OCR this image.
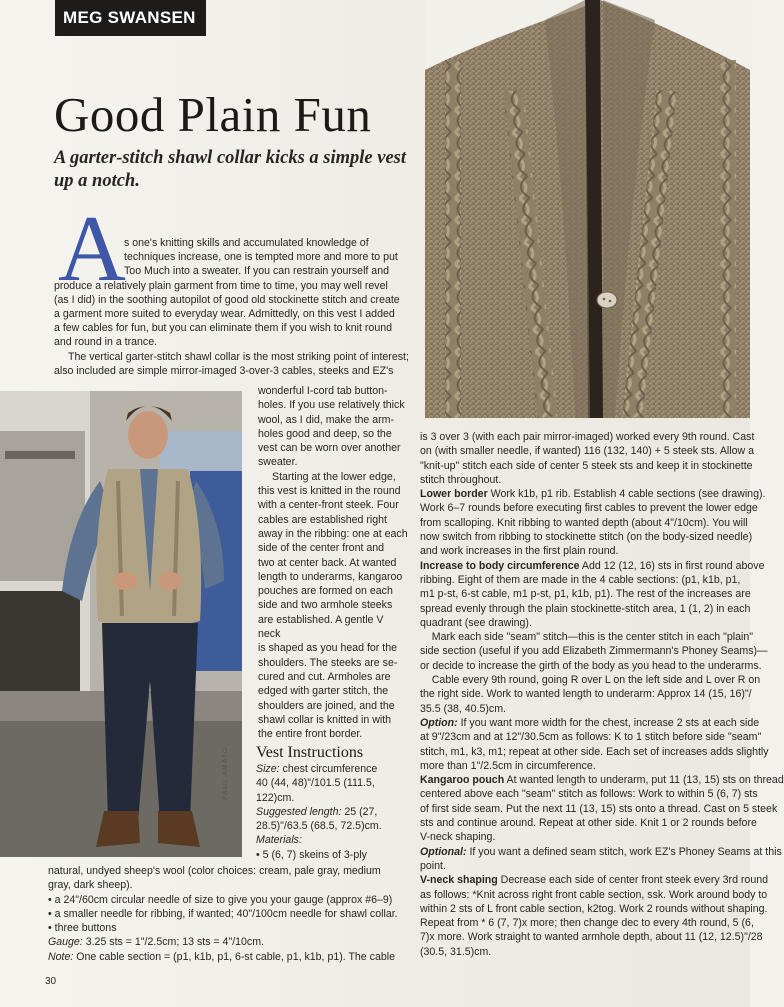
MEG SWANSEN
Good Plain Fun
A garter-stitch shawl collar kicks a simple vest up a notch.
A
s one's knitting skills and accumulated knowledge of
techniques increase, one is tempted more and more to put
Too Much into a sweater. If you can restrain yourself and
produce a relatively plain garment from time to time, you may well revel
(as I did) in the soothing autopilot of good old stockinette stitch and create
a garment more suited to everyday wear. Admittedly, on this vest I added
a few cables for fun, but you can eliminate them if you wish to knit round
and round in a trance.
The vertical garter-stitch shawl collar is the most striking point of interest;
also included are simple mirror-imaged 3-over-3 cables, steeks and EZ's
PAUL AMATO
wonderful I-cord tab button-
holes. If you use relatively thick
wool, as I did, make the arm-
holes good and deep, so the
vest can be worn over another
sweater.
Starting at the lower edge,
this vest is knitted in the round
with a center-front steek. Four
cables are established right
away in the ribbing: one at each
side of the center front and
two at center back. At wanted
length to underarms, kangaroo
pouches are formed on each
side and two armhole steeks
are established. A gentle V neck
is shaped as you head for the
shoulders. The steeks are se-
cured and cut. Armholes are
edged with garter stitch, the
shoulders are joined, and the
shawl collar is knitted in with
the entire front border.
Vest Instructions
Size: chest circumference
40 (44, 48)"/101.5 (111.5,
122)cm.
Suggested length: 25 (27,
28.5)"/63.5 (68.5, 72.5)cm.
Materials:
• 5 (6, 7) skeins of 3-ply
natural, undyed sheep's wool (color choices: cream, pale gray, medium
gray, dark sheep).
• a 24"/60cm circular needle of size to give you your gauge (approx #6–9)
• a smaller needle for ribbing, if wanted; 40"/100cm needle for shawl collar.
• three buttons
Gauge: 3.25 sts = 1"/2.5cm; 13 sts = 4"/10cm.
Note: One cable section = (p1, k1b, p1, 6-st cable, p1, k1b, p1). The cable

is 3 over 3 (with each pair mirror-imaged) worked every 9th round. Cast

on (with smaller needle, if wanted) 116 (132, 140) + 5 steek sts. Allow a

"knit-up" stitch each side of center 5 steek sts and keep it in stockinette

stitch throughout.

Lower border Work k1b, p1 rib. Establish 4 cable sections (see drawing).

Work 6–7 rounds before executing first cables to prevent the lower edge

from scalloping. Knit ribbing to wanted depth (about 4"/10cm). You will

now switch from ribbing to stockinette stitch (on the body-sized needle)

and work increases in the first plain round.

Increase to body circumference Add 12 (12, 16) sts in first round above

ribbing. Eight of them are made in the 4 cable sections: (p1, k1b, p1,

m1 p-st, 6-st cable, m1 p-st, p1, k1b, p1). The rest of the increases are

spread evenly through the plain stockinette-stitch area, 1 (1, 2) in each

quadrant (see drawing).

Mark each side "seam" stitch—this is the center stitch in each "plain"

side section (useful if you add Elizabeth Zimmermann's Phoney Seams)—

or decide to increase the girth of the body as you head to the underarms.

Cable every 9th round, going R over L on the left side and L over R on

the right side. Work to wanted length to underarm: Approx 14 (15, 16)"/

35.5 (38, 40.5)cm.

Option: If you want more width for the chest, increase 2 sts at each side

at 9"/23cm and at 12"/30.5cm as follows: K to 1 stitch before side "seam"

stitch, m1, k3, m1; repeat at other side. Each set of increases adds slightly

more than 1"/2.5cm in circumference.

Kangaroo pouch At wanted length to underarm, put 11 (13, 15) sts on thread

centered above each "seam" stitch as follows: Work to within 5 (6, 7) sts

of first side seam. Put the next 11 (13, 15) sts onto a thread. Cast on 5 steek

sts and continue around. Repeat at other side. Knit 1 or 2 rounds before

V-neck shaping.

Optional: If you want a defined seam stitch, work EZ's Phoney Seams at this

point.

V-neck shaping Decrease each side of center front steek every 3rd round

as follows: *Knit across right front cable section, ssk. Work around body to

within 2 sts of L front cable section, k2tog. Work 2 rounds without shaping.

Repeat from * 6 (7, 7)x more; then change dec to every 4th round, 5 (6,

7)x more. Work straight to wanted armhole depth, about 11 (12, 12.5)"/28

(30.5, 31.5)cm.

30
